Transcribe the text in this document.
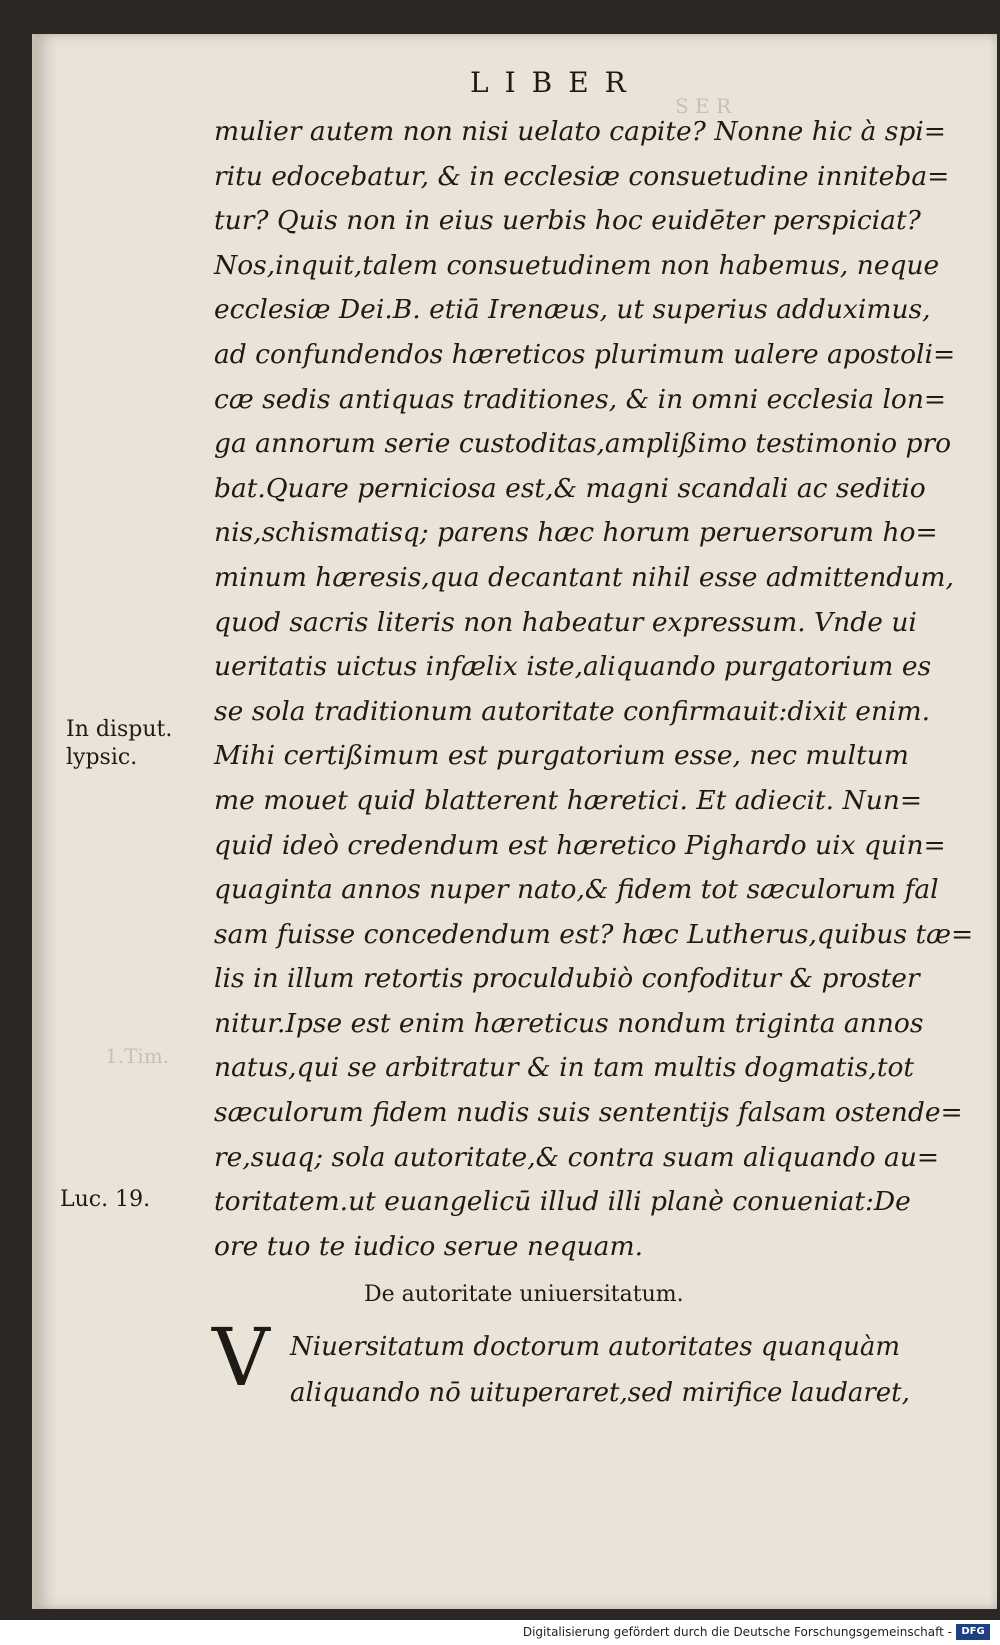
S E R
1.Tim.
LIBER
mulier autem non nisi uelato capite? Nonne hic à spi=
ritu edocebatur, & in ecclesiæ consuetudine inniteba=
tur? Quis non in eius uerbis hoc euidēter perspiciat?
Nos,inquit,talem consuetudinem non habemus, neque
ecclesiæ Dei.B. etiā Irenæus, ut superius adduximus,
ad confundendos hæreticos plurimum ualere apostoli=
cæ sedis antiquas traditiones, & in omni ecclesia lon=
ga annorum serie custoditas,amplißimo testimonio pro
bat.Quare perniciosa est,& magni scandali ac seditio
nis,schismatisq; parens hæc horum peruersorum ho=
minum hæresis,qua decantant nihil esse admittendum,
quod sacris literis non habeatur expressum. Vnde ui
ueritatis uictus infælix iste,aliquando purgatorium es
se sola traditionum autoritate confirmauit:dixit enim.
Mihi certißimum est purgatorium esse, nec multum
me mouet quid blatterent hæretici. Et adiecit. Nun=
quid ideò credendum est hæretico Pighardo uix quin=
quaginta annos nuper nato,& fidem tot sæculorum fal
sam fuisse concedendum est? hæc Lutherus,quibus tæ=
lis in illum retortis proculdubiò confoditur & proster
nitur.Ipse est enim hæreticus nondum triginta annos
natus,qui se arbitratur & in tam multis dogmatis,tot
sæculorum fidem nudis suis sententijs falsam ostende=
re,suaq; sola autoritate,& contra suam aliquando au=
toritatem.ut euangelicū illud illi planè conueniat:De
ore tuo te iudico serue nequam.
In disput.
lypsic.
Luc. 19.
De autoritate uniuersitatum.
V Niuersitatum doctorum autoritates quanquàm
aliquando nō uituperaret,sed mirifice laudaret,
Digitalisierung gefördert durch die Deutsche Forschungsgemeinschaft - DFG
